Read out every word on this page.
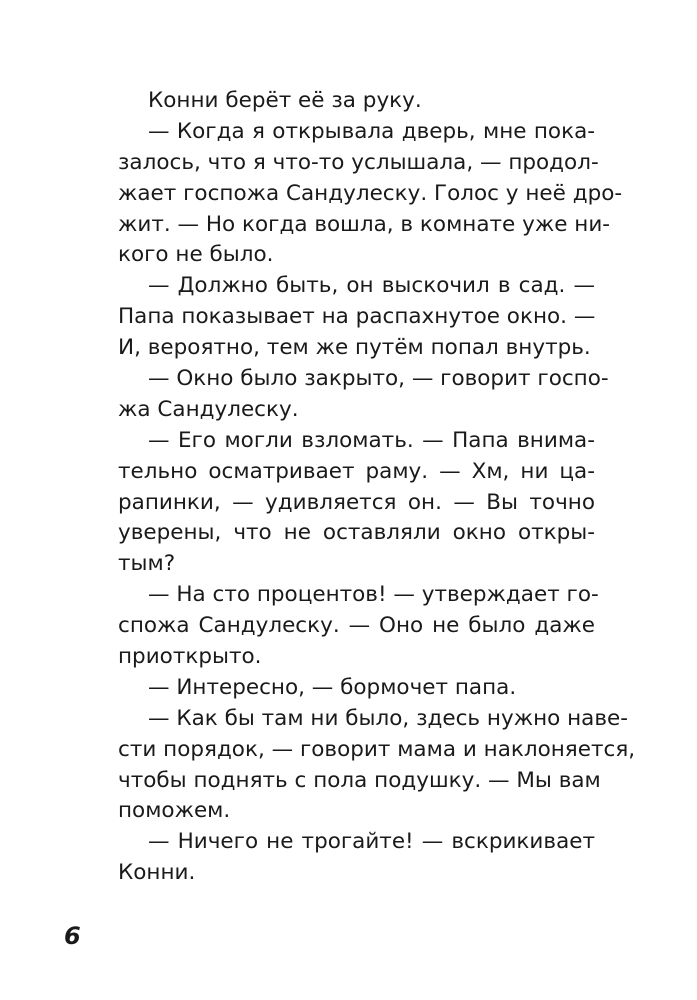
Конни берёт её за руку.
— Когда я открывала дверь, мне пока-
залось, что я что-то услышала, — продол-
жает госпожа Сандулеску. Голос у неё дро-
жит. — Но когда вошла, в комнате уже ни-
кого не было.
— Должно быть, он выскочил в сад. —
Папа показывает на распахнутое окно. —
И, вероятно, тем же путём попал внутрь.
— Окно было закрыто, — говорит госпо-
жа Сандулеску.
— Его могли взломать. — Папа внима-
тельно осматривает раму. — Хм, ни ца-
рапинки, — удивляется он. — Вы точно
уверены, что не оставляли окно откры-
тым?
— На сто процентов! — утверждает го-
спожа Сандулеску. — Оно не было даже
приоткрыто.
— Интересно, — бормочет папа.
— Как бы там ни было, здесь нужно наве-
сти порядок, — говорит мама и наклоняется,
чтобы поднять с пола подушку. — Мы вам
поможем.
— Ничего не трогайте! — вскрикивает
Конни.
6
